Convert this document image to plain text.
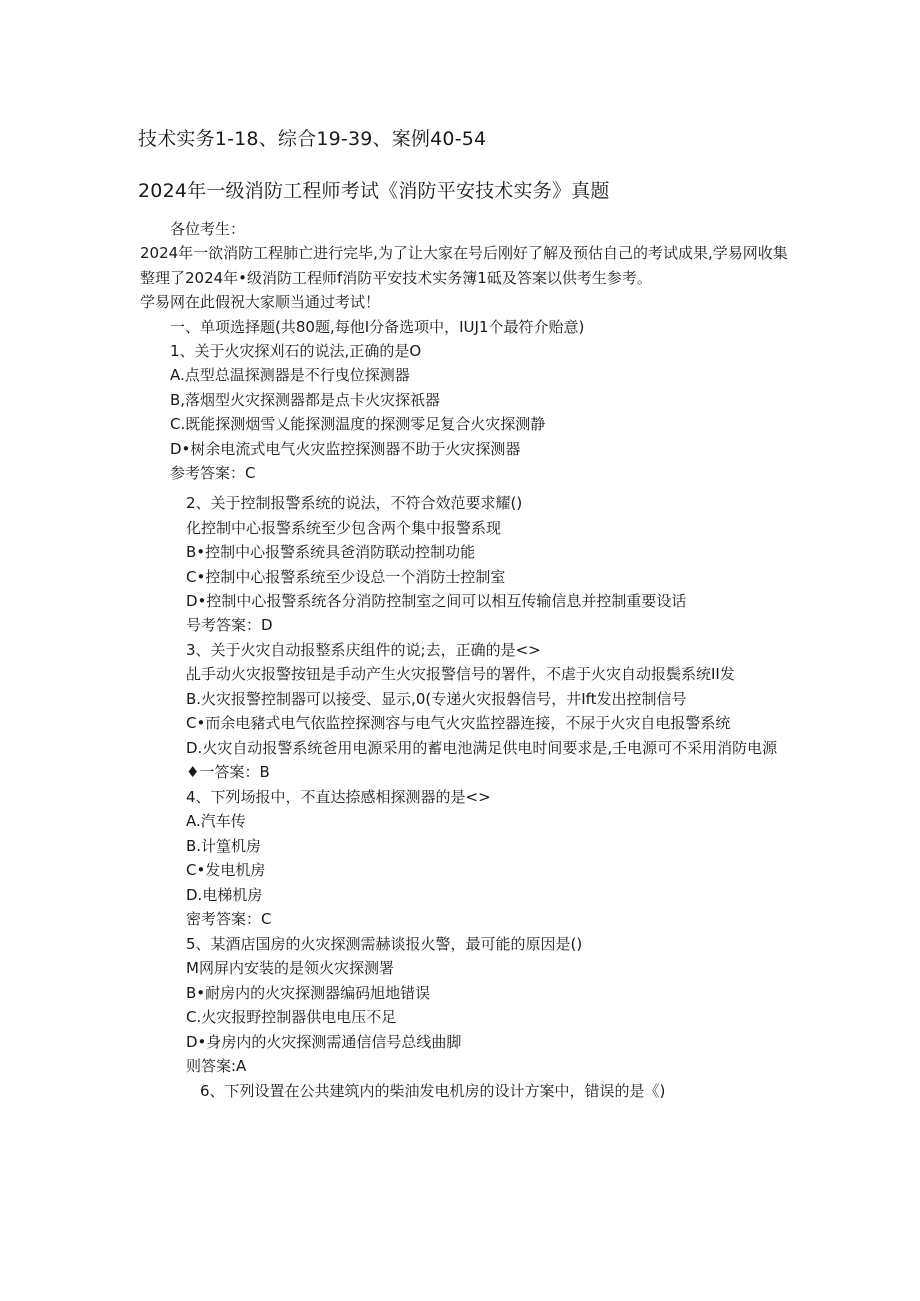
技术实务1-18、综合19-39、案例40-54
2024年一级消防工程师考试《消防平安技术实务》真题
各位考生：
2024年一欲消防工程肺亡进行完毕,为了让大家在号后刚好了解及预估自己的考试成果,学易网收集
整理了2024年•级消防工程师f消防平安技术实务簿1砥及答案以供考生参考。
学易网在此假祝大家顺当通过考试！
一、单项选择题(共80题,每他I分备选项中，IUJ1个最符介贻意)
1、关于火灾探刈石的说法,正确的是O
A.点型总温探测器是不行曳位探测器
B,落烟型火灾探测器都是点卡火灾探祇器
C.既能探测烟雪乂能探测温度的探测零足复合火灾探测静
D•树余电流式电气火灾监控探测器不助于火灾探测器
参考答案：C
2、关于控制报警系统的说法，不符合效范要求耀()
化控制中心报警系统至少包含两个集中报警系现
B•控制中心报警系统具爸消防联动控制功能
C•控制中心报警系统至少设总一个消防士控制室
D•控制中心报警系统各分消防控制室之间可以相互传输信息并控制重要设话
号考答案：D
3、关于火灾自动报整系庆组件的说;去，正确的是<>
乩手动火灾报警按钮是手动产生火灾报警信号的署件，不虐于火灾自动报鬓系统II发
B.火灾报警控制器可以接受、显示,0(专递火灾报磐信号，井Ift发出控制信号
C•而余电豬式电气依监控探测容与电气火灾监控器连接，不尿于火灾自电报警系统
D.火灾自动报警系统爸用电源采用的蓄电池满足供电时间要求是,壬电源可不采用消防电源
♦一答案：B
4、下列场报中，不直达捺感相探测器的是<>
A.汽车传
B.计篁机房
C•发电机房
D.电梯机房
密考答案：C
5、某酒店国房的火灾探测需赫谈报火警，最可能的原因是()
M网屏内安装的是领火灾探测署
B•耐房内的火灾探测器编码旭地错误
C.火灾报野控制器供电电压不足
D•身房内的火灾探测需通信信号总线曲脚
则答案:A
6、下列设置在公共建筑内的柴油发电机房的设计方案中，错误的是《)
